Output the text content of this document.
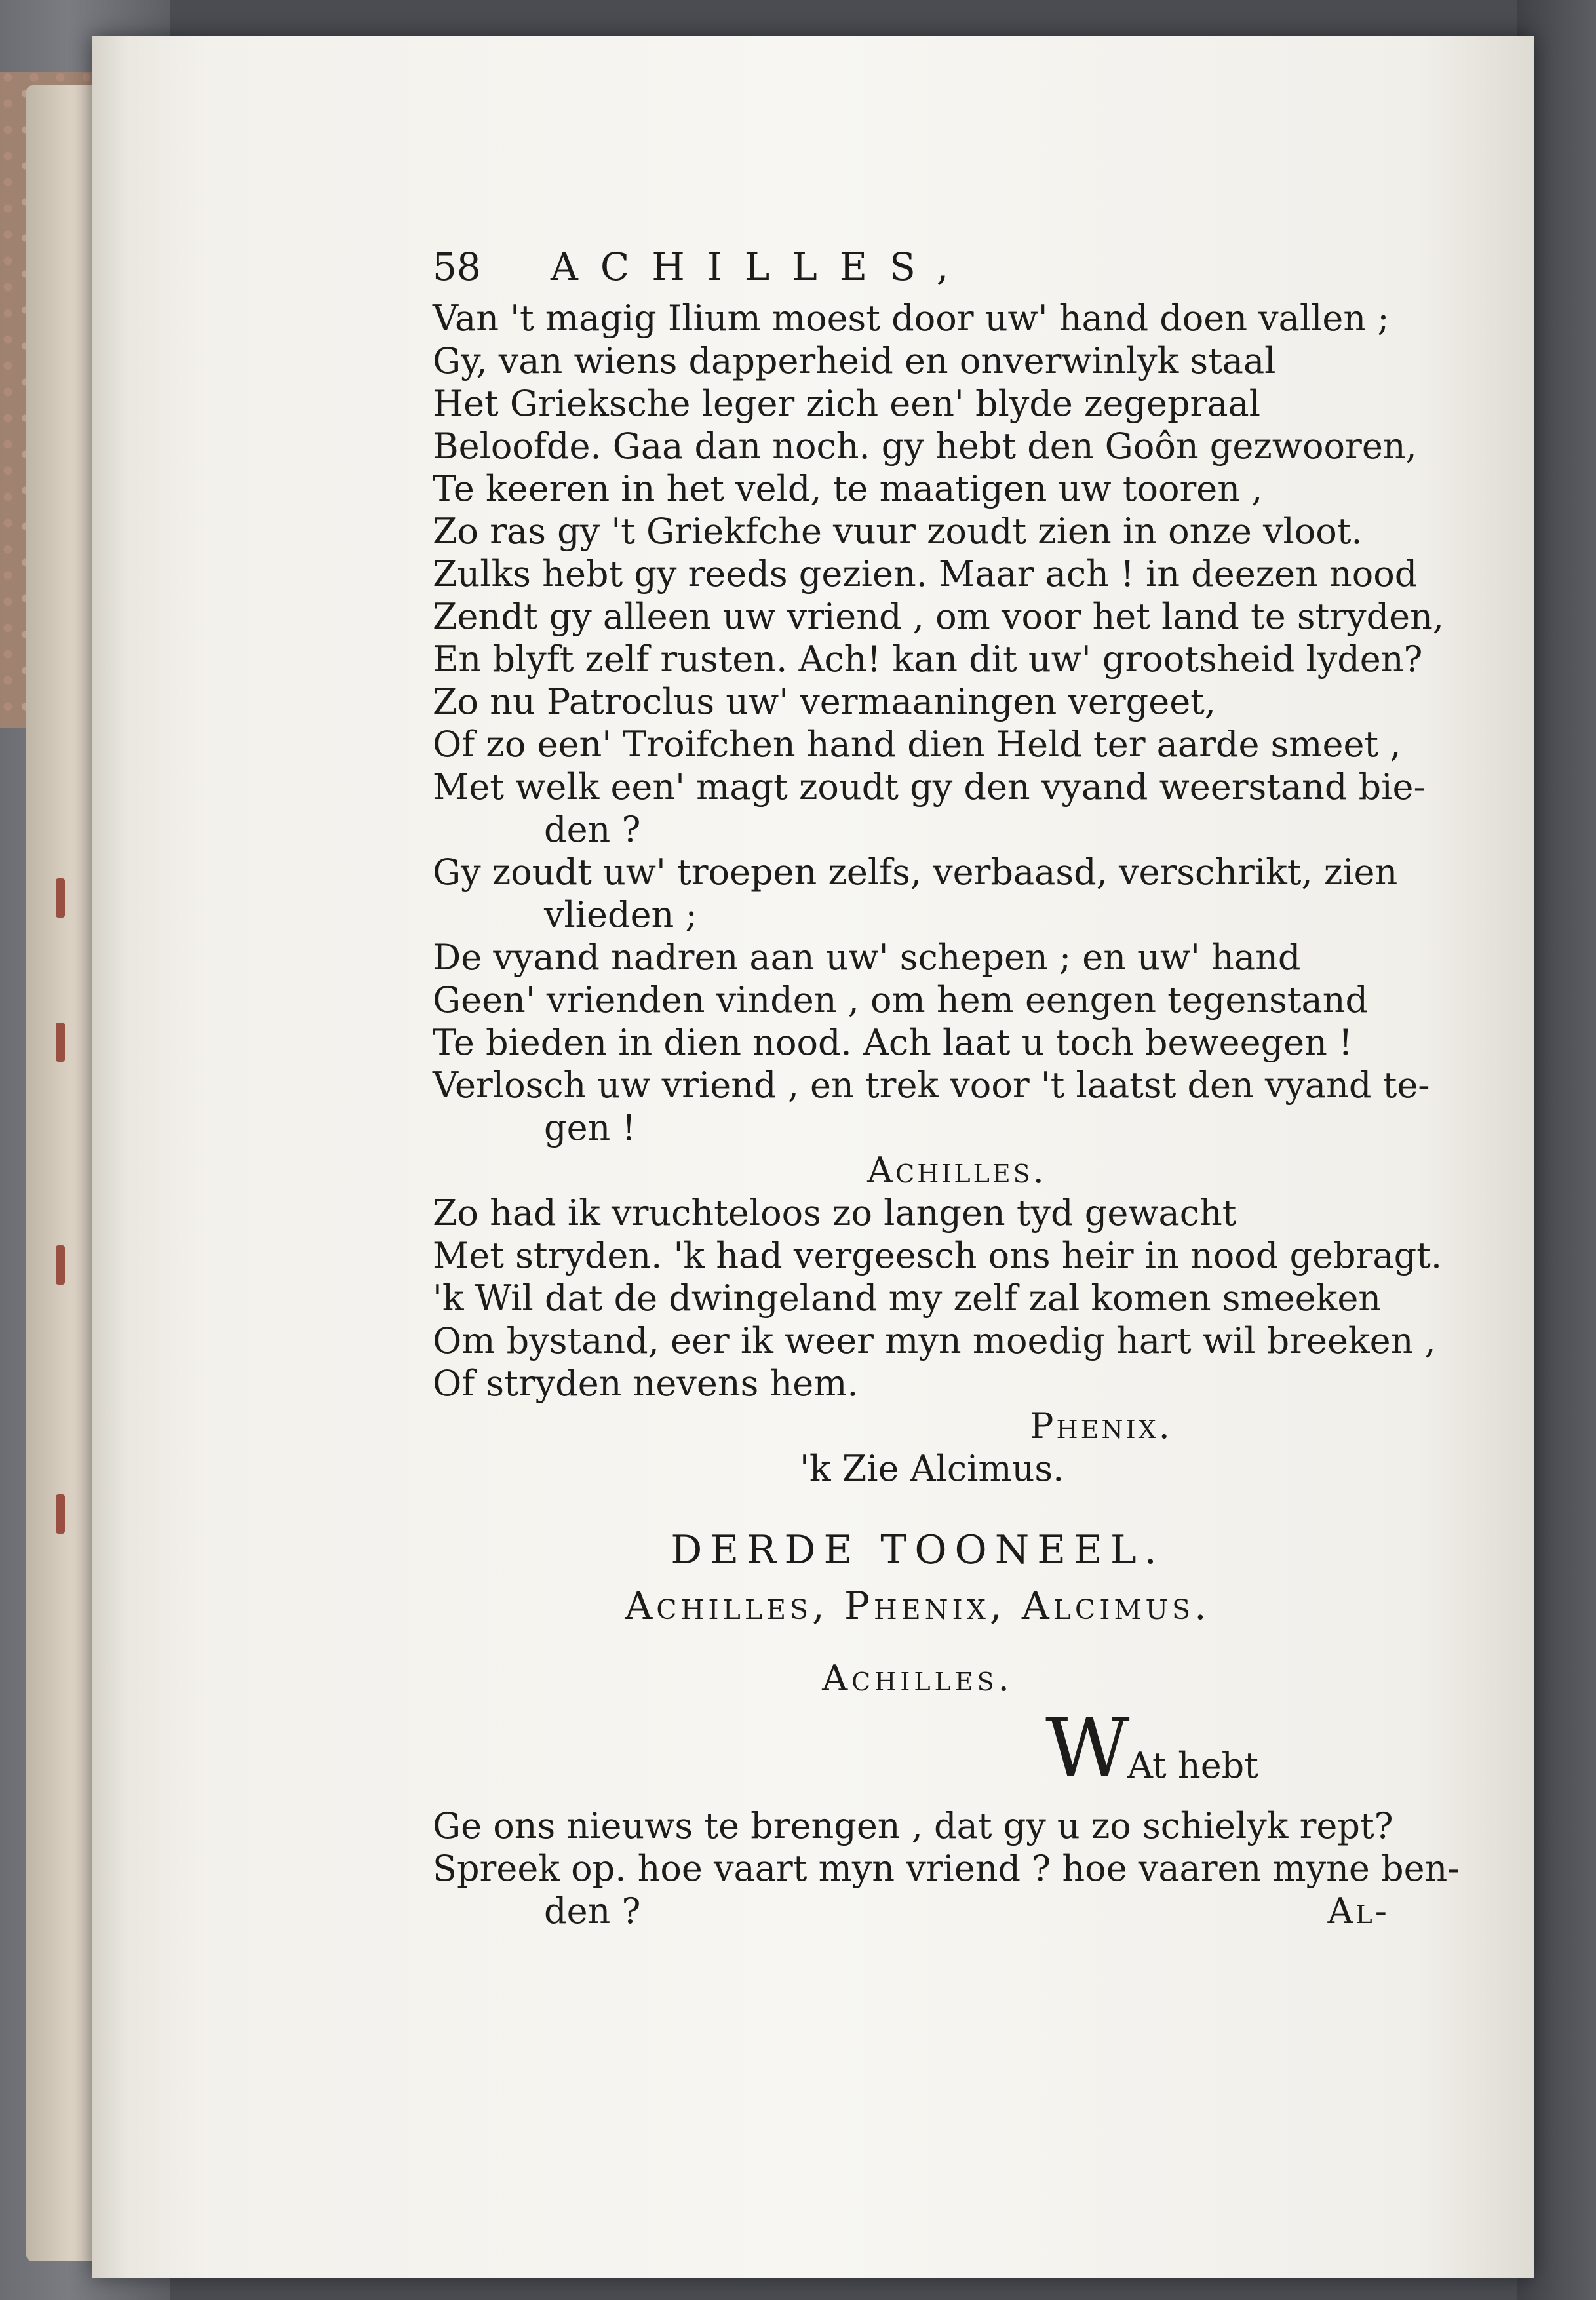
58 ACHILLES,
Van 't magig Ilium moest door uw' hand doen vallen ;
Gy, van wiens dapperheid en onverwinlyk staal
Het Grieksche leger zich een' blyde zegepraal
Beloofde. Gaa dan noch. gy hebt den Goôn gezwooren,
Te keeren in het veld, te maatigen uw tooren ,
Zo ras gy 't Griekfche vuur zoudt zien in onze vloot.
Zulks hebt gy reeds gezien. Maar ach ! in deezen nood
Zendt gy alleen uw vriend , om voor het land te stryden,
En blyft zelf rusten. Ach! kan dit uw' grootsheid lyden?
Zo nu Patroclus uw' vermaaningen vergeet,
Of zo een' Troifchen hand dien Held ter aarde smeet ,
Met welk een' magt zoudt gy den vyand weerstand bie-
den ?
Gy zoudt uw' troepen zelfs, verbaasd, verschrikt, zien
vlieden ;
De vyand nadren aan uw' schepen ; en uw' hand
Geen' vrienden vinden , om hem eengen tegenstand
Te bieden in dien nood. Ach laat u toch beweegen !
Verlosch uw vriend , en trek voor 't laatst den vyand te-
gen !
Achilles.
Zo had ik vruchteloos zo langen tyd gewacht
Met stryden. 'k had vergeesch ons heir in nood gebragt.
'k Wil dat de dwingeland my zelf zal komen smeeken
Om bystand, eer ik weer myn moedig hart wil breeken ,
Of stryden nevens hem.
Phenix.
'k Zie Alcimus.
DERDE TOONEEL.
Achilles, Phenix, Alcimus.
Achilles.
W
At hebt
Ge ons nieuws te brengen , dat gy u zo schielyk rept?
Spreek op. hoe vaart myn vriend ? hoe vaaren myne ben-
den ?	Al-
